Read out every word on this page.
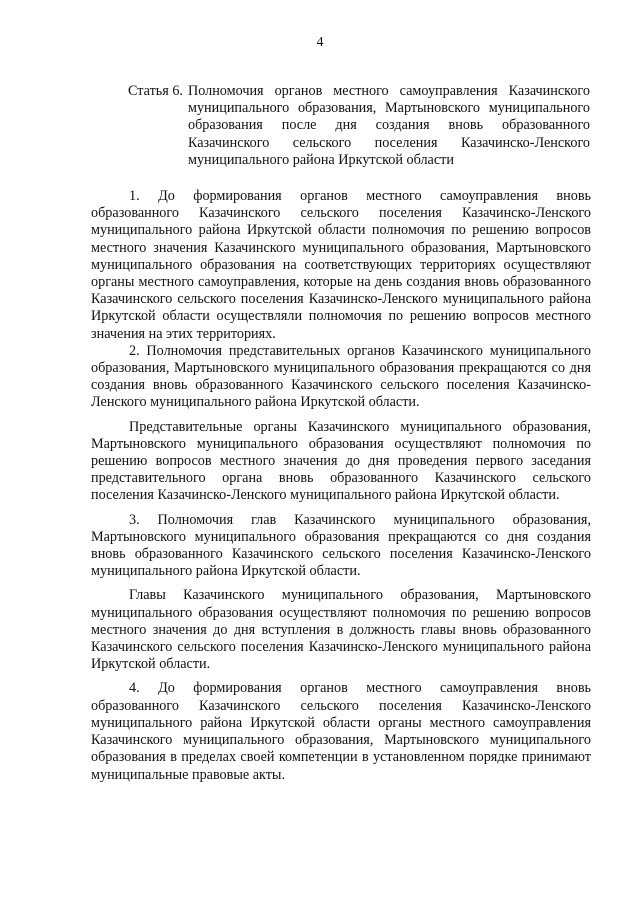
4
Статья 6. Полномочия органов местного самоуправления Казачинского муниципального образования, Мартыновского муниципального образования после дня создания вновь образованного Казачинского сельского поселения Казачинско-Ленского муниципального района Иркутской области

1. До формирования органов местного самоуправления вновь образованного Казачинского сельского поселения Казачинско-Ленского муниципального района Иркутской области полномочия по решению вопросов местного значения Казачинского муниципального образования, Мартыновского муниципального образования на соответствующих территориях осуществляют органы местного самоуправления, которые на день создания вновь образованного Казачинского сельского поселения Казачинско-Ленского муниципального района Иркутской области осуществляли полномочия по решению вопросов местного значения на этих территориях.

2. Полномочия представительных органов Казачинского муниципального образования, Мартыновского муниципального образования прекращаются со дня создания вновь образованного Казачинского сельского поселения Казачинско-Ленского муниципального района Иркутской области.

Представительные органы Казачинского муниципального образования, Мартыновского муниципального образования осуществляют полномочия по решению вопросов местного значения до дня проведения первого заседания представительного органа вновь образованного Казачинского сельского поселения Казачинско-Ленского муниципального района Иркутской области.

3. Полномочия глав Казачинского муниципального образования, Мартыновского муниципального образования прекращаются со дня создания вновь образованного Казачинского сельского поселения Казачинско-Ленского муниципального района Иркутской области.

Главы Казачинского муниципального образования, Мартыновского муниципального образования осуществляют полномочия по решению вопросов местного значения до дня вступления в должность главы вновь образованного Казачинского сельского поселения Казачинско-Ленского муниципального района Иркутской области.

4. До формирования органов местного самоуправления вновь образованного Казачинского сельского поселения Казачинско-Ленского муниципального района Иркутской области органы местного самоуправления Казачинского муниципального образования, Мартыновского муниципального образования в пределах своей компетенции в установленном порядке принимают муниципальные правовые акты.
